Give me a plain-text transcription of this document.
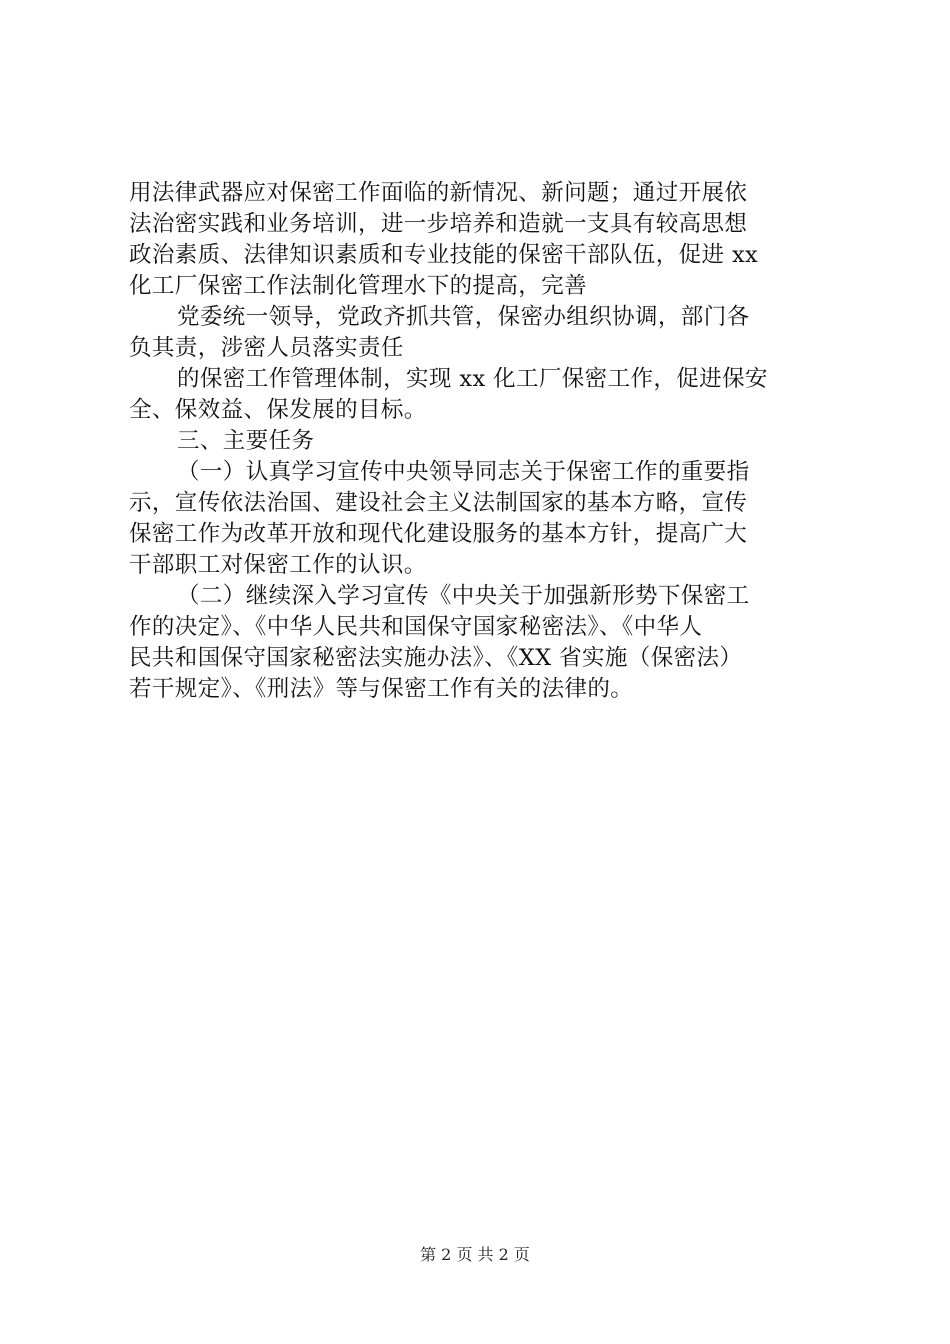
用法律武器应对保密工作面临的新情况、新问题；通过开展依
法治密实践和业务培训，进一步培养和造就一支具有较高思想
政治素质、法律知识素质和专业技能的保密干部队伍，促进 xx
化工厂保密工作法制化管理水下的提高，完善

党委统一领导，党政齐抓共管，保密办组织协调，部门各
负其责，涉密人员落实责任

的保密工作管理体制，实现 xx 化工厂保密工作，促进保安
全、保效益、保发展的目标。

三、主要任务

（一）认真学习宣传中央领导同志关于保密工作的重要指
示，宣传依法治国、建设社会主义法制国家的基本方略，宣传
保密工作为改革开放和现代化建设服务的基本方针，提高广大
干部职工对保密工作的认识。

（二）继续深入学习宣传《中央关于加强新形势下保密工
作的决定》、《中华人民共和国保守国家秘密法》、《中华人
民共和国保守国家秘密法实施办法》、《XX 省实施（保密法）
若干规定》、《刑法》等与保密工作有关的法律的。

第 2 页 共 2 页
